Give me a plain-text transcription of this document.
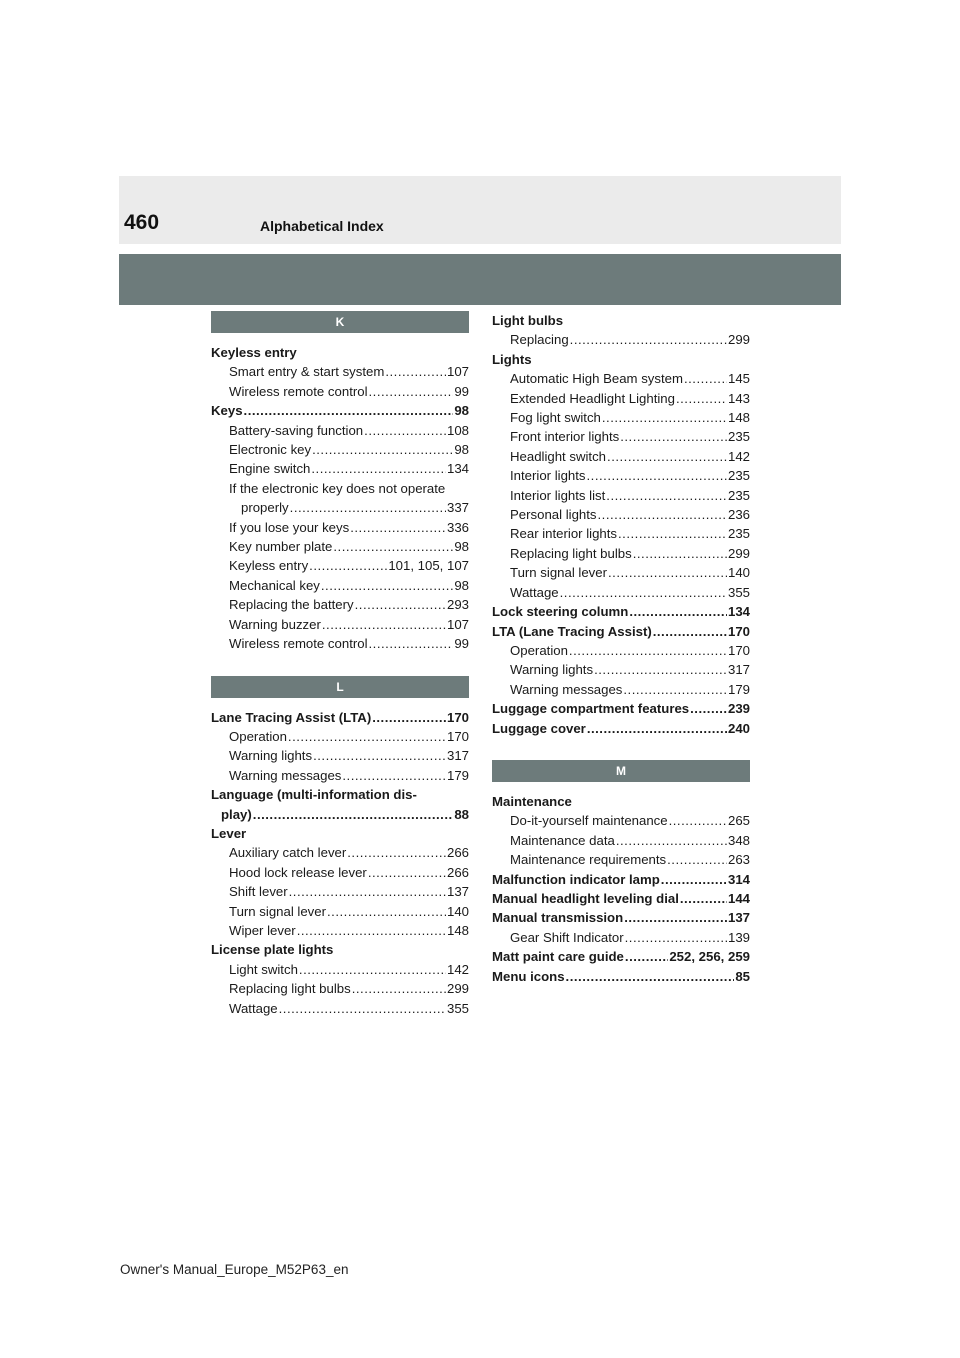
460	Alphabetical Index
K
Keyless entry
Smart entry & start system .....	107
Wireless remote control .....	99
Keys .....	98
Battery-saving function .....	108
Electronic key .....	98
Engine switch .....	134
If the electronic key does not operate
properly .....	337
If you lose your keys .....	336
Key number plate .....	98
Keyless entry .....	101, 105, 107
Mechanical key .....	98
Replacing the battery .....	293
Warning buzzer .....	107
Wireless remote control .....	99
L
Lane Tracing Assist (LTA) .....	170
Operation .....	170
Warning lights .....	317
Warning messages .....	179
Language (multi-information dis-
play) .....	88
Lever
Auxiliary catch lever .....	266
Hood lock release lever .....	266
Shift lever .....	137
Turn signal lever .....	140
Wiper lever .....	148
License plate lights
Light switch .....	142
Replacing light bulbs .....	299
Wattage .....	355
Light bulbs
Replacing .....	299
Lights
Automatic High Beam system .....	145
Extended Headlight Lighting .....	143
Fog light switch .....	148
Front interior lights .....	235
Headlight switch .....	142
Interior lights .....	235
Interior lights list .....	235
Personal lights .....	236
Rear interior lights .....	235
Replacing light bulbs .....	299
Turn signal lever .....	140
Wattage .....	355
Lock steering column .....	134
LTA (Lane Tracing Assist) .....	170
Operation .....	170
Warning lights .....	317
Warning messages .....	179
Luggage compartment features .....	239
Luggage cover .....	240
M
Maintenance
Do-it-yourself maintenance .....	265
Maintenance data .....	348
Maintenance requirements .....	263
Malfunction indicator lamp .....	314
Manual headlight leveling dial .....	144
Manual transmission .....	137
Gear Shift Indicator .....	139
Matt paint care guide .....	252, 256, 259
Menu icons .....	85
Owner's Manual_Europe_M52P63_en
